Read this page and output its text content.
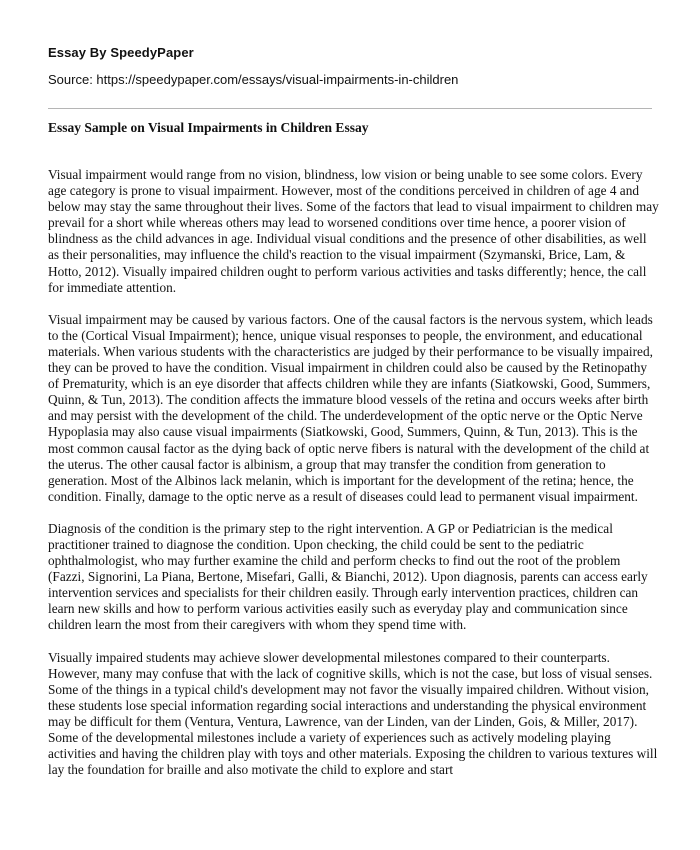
Essay By SpeedyPaper
Source: https://speedypaper.com/essays/visual-impairments-in-children
Essay Sample on Visual Impairments in Children Essay

Visual impairment would range from no vision, blindness, low vision or being unable to see some colors. Every age category is prone to visual impairment. However, most of the conditions perceived in children of age 4 and below may stay the same throughout their lives. Some of the factors that lead to visual impairment to children may prevail for a short while whereas others may lead to worsened conditions over time hence, a poorer vision of blindness as the child advances in age. Individual visual conditions and the presence of other disabilities, as well as their personalities, may influence the child's reaction to the visual impairment (Szymanski, Brice, Lam, & Hotto, 2012). Visually impaired children ought to perform various activities and tasks differently; hence, the call for immediate attention.

Visual impairment may be caused by various factors. One of the causal factors is the nervous system, which leads to the (Cortical Visual Impairment); hence, unique visual responses to people, the environment, and educational materials. When various students with the characteristics are judged by their performance to be visually impaired, they can be proved to have the condition. Visual impairment in children could also be caused by the Retinopathy of Prematurity, which is an eye disorder that affects children while they are infants (Siatkowski, Good, Summers, Quinn, & Tun, 2013). The condition affects the immature blood vessels of the retina and occurs weeks after birth and may persist with the development of the child. The underdevelopment of the optic nerve or the Optic Nerve Hypoplasia may also cause visual impairments (Siatkowski, Good, Summers, Quinn, & Tun, 2013). This is the most common causal factor as the dying back of optic nerve fibers is natural with the development of the child at the uterus. The other causal factor is albinism, a group that may transfer the condition from generation to generation. Most of the Albinos lack melanin, which is important for the development of the retina; hence, the condition. Finally, damage to the optic nerve as a result of diseases could lead to permanent visual impairment.

Diagnosis of the condition is the primary step to the right intervention. A GP or Pediatrician is the medical practitioner trained to diagnose the condition. Upon checking, the child could be sent to the pediatric ophthalmologist, who may further examine the child and perform checks to find out the root of the problem (Fazzi, Signorini, La Piana, Bertone, Misefari, Galli, & Bianchi, 2012). Upon diagnosis, parents can access early intervention services and specialists for their children easily. Through early intervention practices, children can learn new skills and how to perform various activities easily such as everyday play and communication since children learn the most from their caregivers with whom they spend time with.

Visually impaired students may achieve slower developmental milestones compared to their counterparts. However, many may confuse that with the lack of cognitive skills, which is not the case, but loss of visual senses. Some of the things in a typical child's development may not favor the visually impaired children. Without vision, these students lose special information regarding social interactions and understanding the physical environment may be difficult for them (Ventura, Ventura, Lawrence, van der Linden, van der Linden, Gois, & Miller, 2017). Some of the developmental milestones include a variety of experiences such as actively modeling playing activities and having the children play with toys and other materials. Exposing the children to various textures will lay the foundation for braille and also motivate the child to explore and start
